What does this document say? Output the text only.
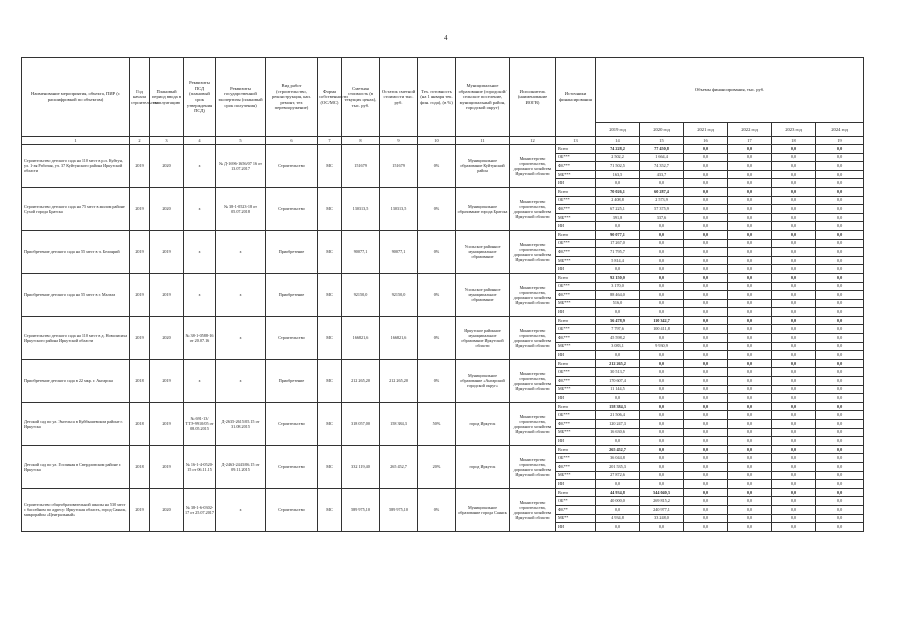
4
Наименование мероприятия, объекта, ПИР (с расшифровкой по объектам)	Год начала строительства	Плановый период ввода в эксплуатацию	Реквизиты ПСД (плановый срок утверждения ПСД)	Реквизиты государственной экспертизы (плановый срок получения)	Вид работ (строительство, реконструкция, кап. ремонт, тех перевооружение)	Форма собственности (ОС/МС)	Сметная стоимость (в текущих ценах), тыс. руб.	Остаток сметной стоимости тыс. руб.	Тех. готовность (на 1 января тек. фин. года), (в %)	Муниципальное образование (городской/сельское поселение, муниципальный район, городской округ)	Исполнитель (наименование ИОГВ)	Источники финансирования	Объемы финансирования, тыс. руб.					
													2019 год	2020 год	2021 год	2022 год	2023 год	2024 год
1	2	3	4	5	6	7	8	9	10	11	12	13	14	15	16	17	18	19
Строительство детского сада на 110 мест в р.п. Куйтун, ул. 1-ая Рабочая, уч. 37 Куйтунского района Иркутской области	2019	2020	х	№ Д-1696-1656/07 16 от 13.07.2017	Строительство	МС	151679	151679	0%	Муниципальное образование Куйтунский район	Министерство строительства, дорожного хозяйства Иркутской области	Всего	74 228,2	77 450,8	0,0	0,0	0,0	0,0
												ОБ***	2 502,2	1 664,4	0,0	0,0	0,0	0,0
												ФБ***	71 502,5	74 352,7	0,0	0,0	0,0	0,0
												МБ***	163,5	433,7	0,0	0,0	0,0	0,0
												ИИ	0,0	0,0	0,0	0,0	0,0	0,0
Строительство детского сада на 75 мест в жилом районе Сухой города Братска	2019	2020	х	№ 38-1-0523-18 от 05.07.2018	Строительство	МС	130313,5	130313,5	0%	Муниципальное образование города Братска	Министерство строительства, дорожного хозяйства Иркутской области	Всего	70 026,1	60 287,4	0,0	0,0	0,0	0,0
												ОБ***	2 408,8	2 573,9	0,0	0,0	0,0	0,0
												ФБ***	67 225,1	57 375,9	0,0	0,0	0,0	0,0
												МБ***	391,8	337,6	0,0	0,0	0,0	0,0
												ИИ	0,0	0,0	0,0	0,0	0,0	0,0
Приобретение детского сада на 55 мест в ч. Белоярий	2019	2019	х	х	Приобретение	МС	90077,1	90077,1	0%	Усольское районное муниципальное образование	Министерство строительства, дорожного хозяйства Иркутской области	Всего	90 077,1	0,0	0,0	0,0	0,0	0,0
												ОБ***	17 267,0	0,0	0,0	0,0	0,0	0,0
												ФБ***	71 795,7	0,0	0,0	0,0	0,0	0,0
												МБ***	5 814,4	0,0	0,0	0,0	0,0	0,0
												ИИ	0,0	0,0	0,0	0,0	0,0	0,0
Приобретение детского сада на 55 мест в г. Мальта	2019	2019	х	х	Приобретение	МС	92150,0	92150,0	0%	Усольское районное муниципальное образование	Министерство строительства, дорожного хозяйства Иркутской области	Всего	92 150,0	0,0	0,0	0,0	0,0	0,0
												ОБ***	3 170,0	0,0	0,0	0,0	0,0	0,0
												ФБ***	88 464,0	0,0	0,0	0,0	0,0	0,0
												МБ***	516,0	0,0	0,0	0,0	0,0	0,0
												ИИ	0,0	0,0	0,0	0,0	0,0	0,0
Строительство детского сада на 110 мест в д. Новолисиха Иркутского района Иркутской области	2019	2020	№ 38-1-0588-16 от 20.07.16	х	Строительство	МС	166821,6	166821,6	0%	Иркутское районное муниципальное образование Иркутской области	Министерство строительства, дорожного хозяйства Иркутской области	Всего	56 478,9	110 342,7	0,0	0,0	0,0	0,0
												ОБ***	7 797,6	100 411,8	0,0	0,0	0,0	0,0
												ФБ***	45 598,2	0,0	0,0	0,0	0,0	0,0
												МБ***	3 083,1	9 930,9	0,0	0,0	0,0	0,0
												ИИ	0,0	0,0	0,0	0,0	0,0	0,0
Приобретение детского сада в 22 мкр. г. Ангарска	2018	2019	х	х	Приобретение	МС	212 265,20	212 265,20	0%	Муниципальное образование «Ангарский городской округ»	Министерство строительства, дорожного хозяйства Иркутской области	Всего	212 265,2	0,0	0,0	0,0	0,0	0,0
												ОБ***	30 513,7	0,0	0,0	0,0	0,0	0,0
												ФБ***	170 607,4	0,0	0,0	0,0	0,0	0,0
												МБ***	11 144,5	0,0	0,0	0,0	0,0	0,0
												ИИ	0,0	0,0	0,0	0,0	0,0	0,0
Детский сад по ул. Энгельса в Куйбышевском районе г. Иркутска	2018	2019	№ 691-13/ТТЭ-9910/05 от 08.05.2015	Д-2635-2615/05.15 от 31.08.2015	Строительство	МС	318 057,00	158 384,3	50%	город Иркутск	Министерство строительства, дорожного хозяйства Иркутской области	Всего	158 384,3	0,0	0,0	0,0	0,0	0,0
												ОБ***	21 506,4	0,0	0,0	0,0	0,0	0,0
												ФБ***	120 247,3	0,0	0,0	0,0	0,0	0,0
												МБ***	16 630,6	0,0	0,0	0,0	0,0	0,0
												ИИ	0,0	0,0	0,0	0,0	0,0	0,0
Детский сад по ул. Госпиная в Свердловском районе г. Иркутска	2018	2019	№ 16-1-4-0520-15 от 06.11.15	Д-2463-2443/06.15 от 09.11.2015	Строительство	МС	332 119,40	265 452,7	20%	город Иркутск	Министерство строительства, дорожного хозяйства Иркутской области	Всего	265 452,7	0,0	0,0	0,0	0,0	0,0
												ОБ***	36 044,8	0,0	0,0	0,0	0,0	0,0
												ФБ***	201 535,3	0,0	0,0	0,0	0,0	0,0
												МБ***	27 872,6	0,0	0,0	0,0	0,0	0,0
												ИИ	0,0	0,0	0,0	0,0	0,0	0,0
Строительство общеобразовательной школы на 530 мест с бассейном по адресу: Иркутская область, город Саянск, микрорайон «Центральный»	2019	2020	№ 38-1-6-0302-17 от 25.07.2017	х	Строительство	МС	589 975,10	589 975,10	0%	Муниципальное образование города Саянск	Министерство строительства, дорожного хозяйства Иркутской области	Всего	44 934,8	544 040,3	0,0	0,0	0,0	0,0
												ОБ**	40 000,0	269 815,2	0,0	0,0	0,0	0,0
												ФБ**	0,0	240 977,1	0,0	0,0	0,0	0,0
												МБ**	4 934,8	33 248,0	0,0	0,0	0,0	0,0
												ИИ	0,0	0,0	0,0	0,0	0,0	0,0
